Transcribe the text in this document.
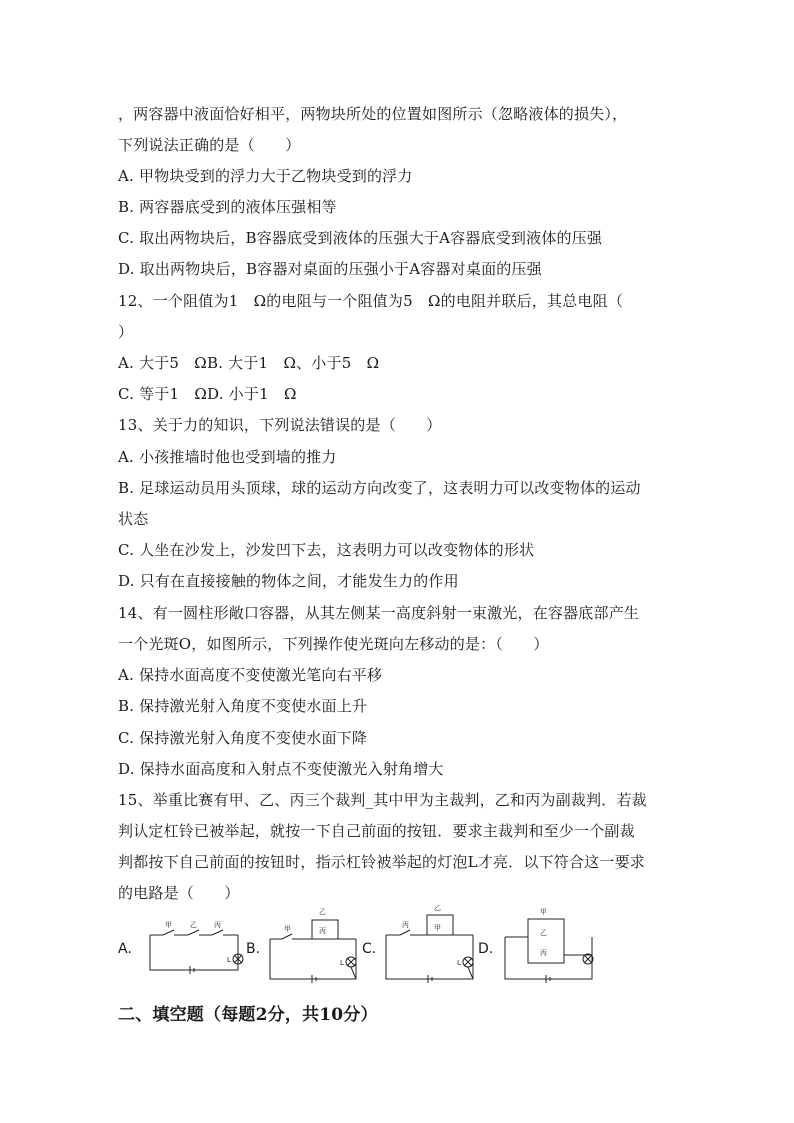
，两容器中液面恰好相平，两物块所处的位置如图所示（忽略液体的损失），
下列说法正确的是（　　）
A. 甲物块受到的浮力大于乙物块受到的浮力
B. 两容器底受到的液体压强相等
C. 取出两物块后，B容器底受到液体的压强大于A容器底受到液体的压强
D. 取出两物块后，B容器对桌面的压强小于A容器对桌面的压强
12、一个阻值为1　Ω的电阻与一个阻值为5　Ω的电阻并联后，其总电阻（
）
A. 大于5　ΩB. 大于1　Ω、小于5　Ω
C. 等于1　ΩD. 小于1　Ω
13、关于力的知识，下列说法错误的是（　　）
A. 小孩推墙时他也受到墙的推力
B. 足球运动员用头顶球，球的运动方向改变了，这表明力可以改变物体的运动
状态
C. 人坐在沙发上，沙发凹下去，这表明力可以改变物体的形状
D. 只有在直接接触的物体之间，才能发生力的作用
14、有一圆柱形敞口容器，从其左侧某一高度斜射一束激光，在容器底部产生
一个光斑O，如图所示，下列操作使光斑向左移动的是：（　　）
A. 保持水面高度不变使激光笔向右平移
B. 保持激光射入角度不变使水面上升
C. 保持激光射入角度不变使水面下降
D. 保持水面高度和入射点不变使激光入射角增大
15、举重比赛有甲、乙、丙三个裁判_其中甲为主裁判，乙和丙为副裁判．若裁
判认定杠铃已被举起，就按一下自己前面的按钮．要求主裁判和至少一个副裁
判都按下自己前面的按钮时，指示杠铃被举起的灯泡L才亮．以下符合这一要求
的电路是（　　）
甲	乙 丙	甲
乙
丙
丙
乙
甲
甲
乙
丙
L	L	L
A.	B.	C.	D.
二、填空题（每题2分，共10分）
